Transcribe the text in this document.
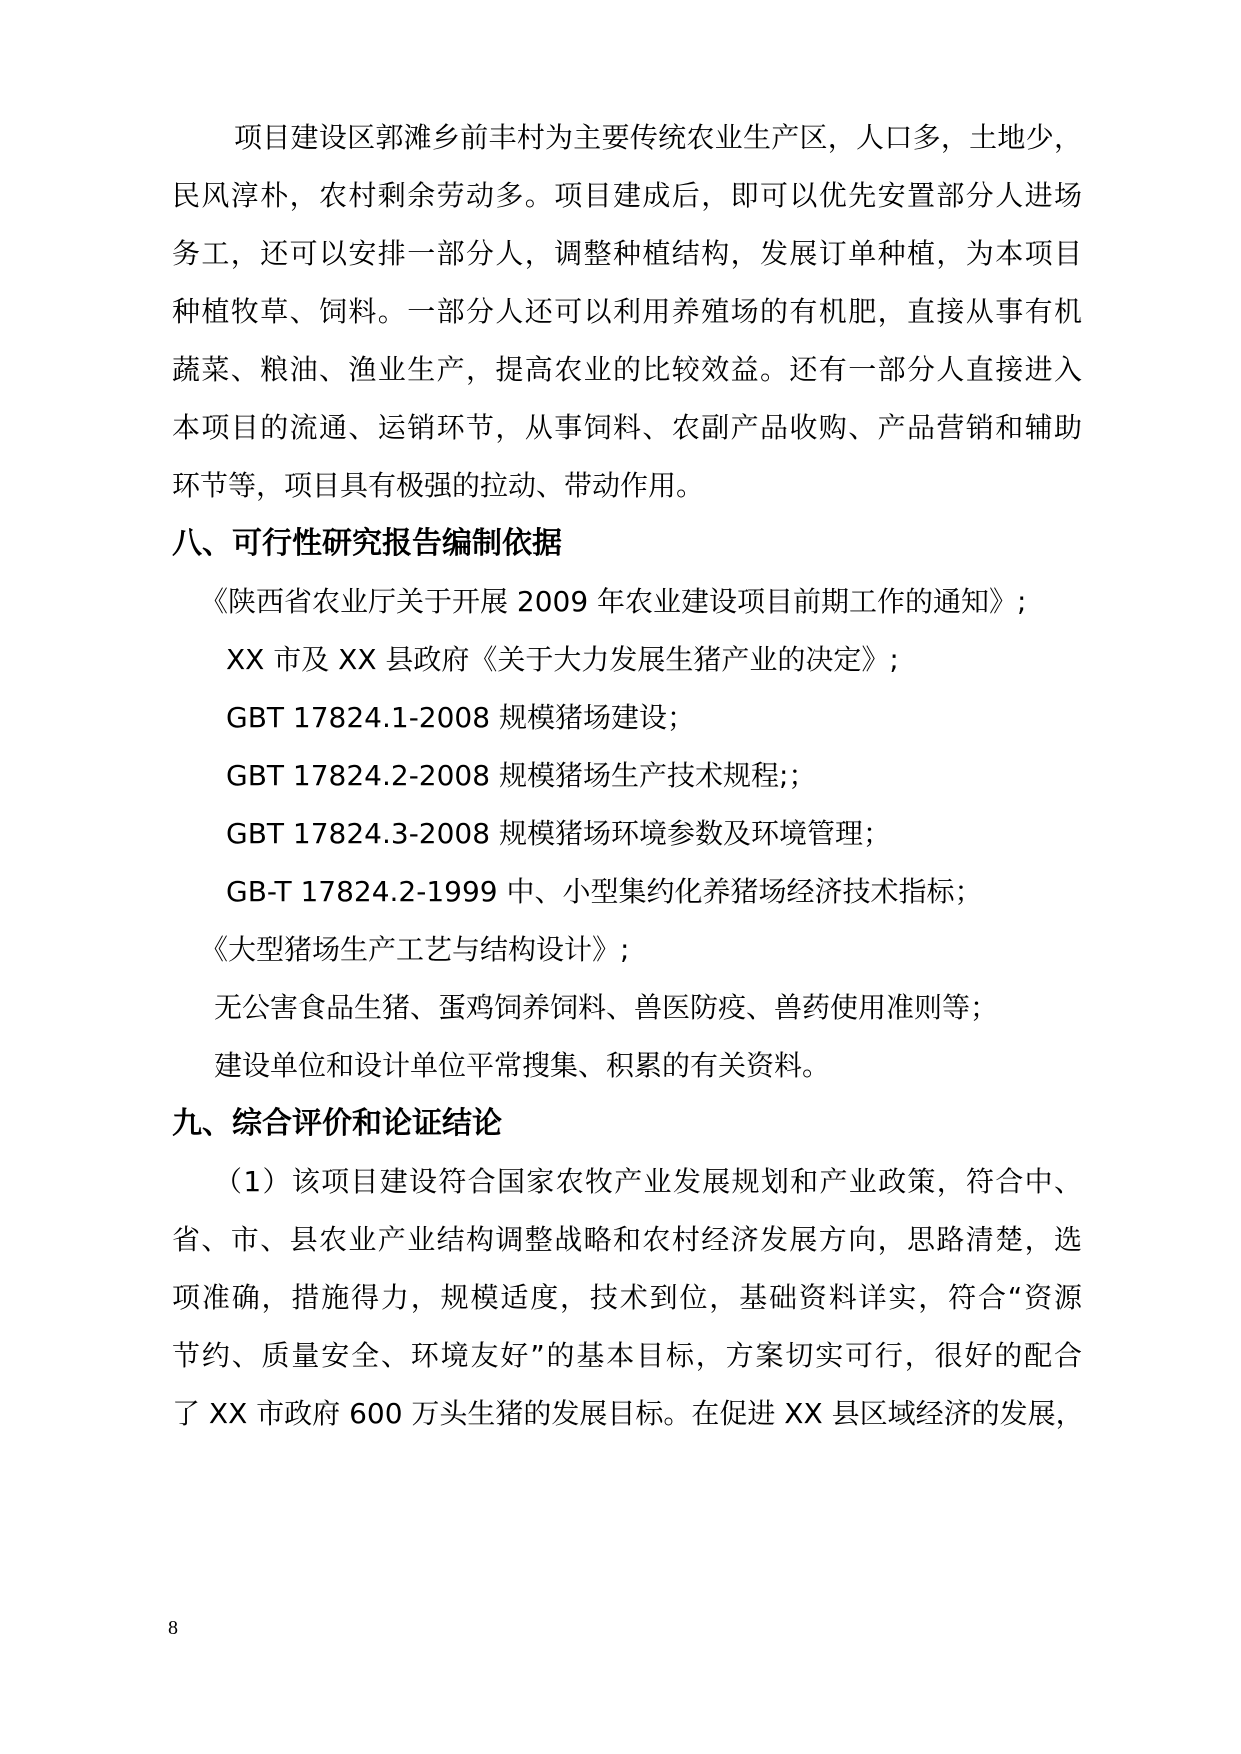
项目建设区郭滩乡前丰村为主要传统农业生产区，人口多，土地少，
民风淳朴，农村剩余劳动多。项目建成后，即可以优先安置部分人进场
务工，还可以安排一部分人，调整种植结构，发展订单种植，为本项目
种植牧草、饲料。一部分人还可以利用养殖场的有机肥，直接从事有机
蔬菜、粮油、渔业生产，提高农业的比较效益。还有一部分人直接进入
本项目的流通、运销环节，从事饲料、农副产品收购、产品营销和辅助
环节等，项目具有极强的拉动、带动作用。
八、可行性研究报告编制依据
《陕西省农业厅关于开展 2009 年农业建设项目前期工作的通知》;
XX 市及 XX 县政府《关于大力发展生猪产业的决定》;
GBT 17824.1-2008 规模猪场建设；
GBT 17824.2-2008 规模猪场生产技术规程;；
GBT 17824.3-2008 规模猪场环境参数及环境管理；
GB-T 17824.2-1999 中、小型集约化养猪场经济技术指标；
《大型猪场生产工艺与结构设计》;
无公害食品生猪、蛋鸡饲养饲料、兽医防疫、兽药使用准则等；
建设单位和设计单位平常搜集、积累的有关资料。
九、综合评价和论证结论
（1）该项目建设符合国家农牧产业发展规划和产业政策，符合中、
省、市、县农业产业结构调整战略和农村经济发展方向，思路清楚，选
项准确，措施得力，规模适度，技术到位，基础资料详实，符合“资源
节约、质量安全、环境友好”的基本目标，方案切实可行，很好的配合
了 XX 市政府 600 万头生猪的发展目标。在促进 XX 县区域经济的发展，
8
